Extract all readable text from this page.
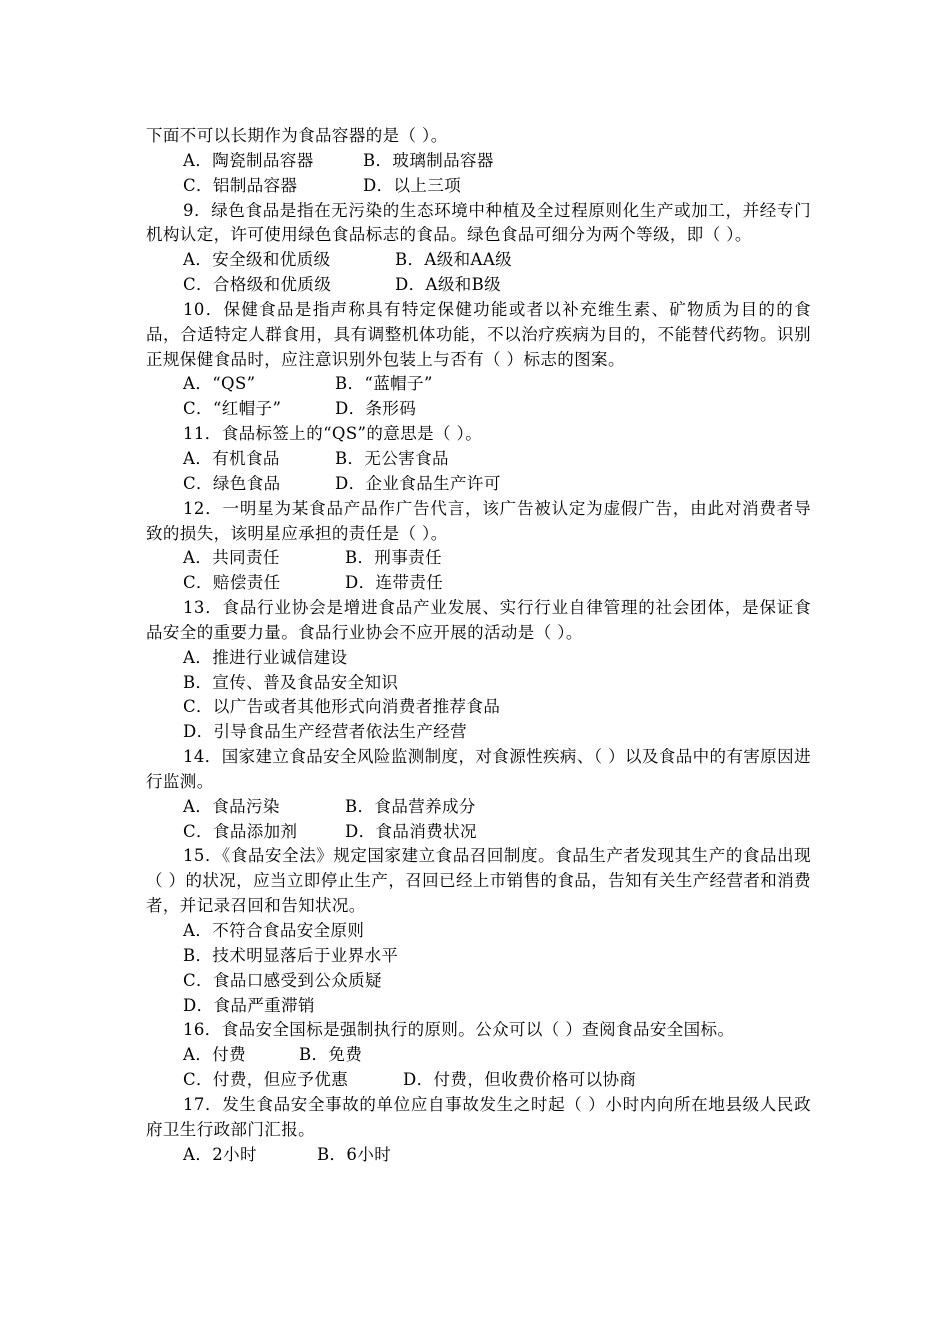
下面不可以长期作为食品容器的是（ ）。
A．陶瓷制品容器	B．玻璃制品容器
C．铝制品容器	D．以上三项
9．绿色食品是指在无污染的生态环境中种植及全过程原则化生产或加工，并经专门机构认定，许可使用绿色食品标志的食品。绿色食品可细分为两个等级，即（ ）。
A．安全级和优质级	B．A级和AA级
C．合格级和优质级	D．A级和B级
10．保健食品是指声称具有特定保健功能或者以补充维生素、矿物质为目的的食品，合适特定人群食用，具有调整机体功能，不以治疗疾病为目的，不能替代药物。识别正规保健食品时，应注意识别外包装上与否有（ ）标志的图案。
A．“QS”	B．“蓝帽子”
C．“红帽子”	D．条形码
11．食品标签上的“QS”的意思是（ ）。
A．有机食品	B．无公害食品
C．绿色食品	D．企业食品生产许可
12．一明星为某食品产品作广告代言，该广告被认定为虚假广告，由此对消费者导致的损失，该明星应承担的责任是（ ）。
A．共同责任	B．刑事责任
C．赔偿责任	D．连带责任
13．食品行业协会是增进食品产业发展、实行行业自律管理的社会团体，是保证食品安全的重要力量。食品行业协会不应开展的活动是（ ）。
A．推进行业诚信建设
B．宣传、普及食品安全知识
C．以广告或者其他形式向消费者推荐食品
D．引导食品生产经营者依法生产经营
14．国家建立食品安全风险监测制度，对食源性疾病、（ ）以及食品中的有害原因进行监测。
A．食品污染	B．食品营养成分
C．食品添加剂	D．食品消费状况
15．《食品安全法》规定国家建立食品召回制度。食品生产者发现其生产的食品出现（ ）的状况，应当立即停止生产，召回已经上市销售的食品，告知有关生产经营者和消费者，并记录召回和告知状况。
A．不符合食品安全原则
B．技术明显落后于业界水平
C．食品口感受到公众质疑
D．食品严重滞销
16．食品安全国标是强制执行的原则。公众可以（ ）查阅食品安全国标。
A．付费	B．免费
C．付费，但应予优惠	D．付费，但收费价格可以协商
17．发生食品安全事故的单位应自事故发生之时起（ ）小时内向所在地县级人民政府卫生行政部门汇报。
A．2小时	B．6小时
